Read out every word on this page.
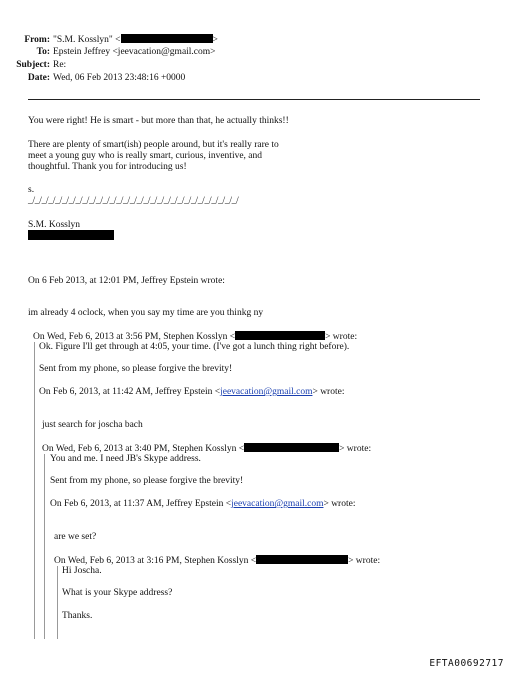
From: "S.M. Kosslyn" <	>
To: Epstein Jeffrey <jeevacation@gmail.com>
Subject: Re:
Date: Wed, 06 Feb 2013 23:48:16 +0000
You were right! He is smart - but more than that, he actually thinks!!
There are plenty of smart(ish) people around, but it's really rare to
meet a young guy who is really smart, curious, inventive, and
thoughtful. Thank you for introducing us!
s.
_/_/_/_/_/_/_/_/_/_/_/_/_/_/_/_/_/_/_/_/_/_/_/_/_/_/_/_/_/_/_/
S.M. Kosslyn
On 6 Feb 2013, at 12:01 PM, Jeffrey Epstein wrote:
im already 4 oclock, when you say my time are you thinkg ny
On Wed, Feb 6, 2013 at 3:56 PM, Stephen Kosslyn <	> wrote:
Ok. Figure I'll get through at 4:05, your time. (I've got a lunch thing right before).
Sent from my phone, so please forgive the brevity!
On Feb 6, 2013, at 11:42 AM, Jeffrey Epstein <jeevacation@gmail.com> wrote:
just search for joscha bach
On Wed, Feb 6, 2013 at 3:40 PM, Stephen Kosslyn <	> wrote:
You and me. I need JB's Skype address.
Sent from my phone, so please forgive the brevity!
On Feb 6, 2013, at 11:37 AM, Jeffrey Epstein <jeevacation@gmail.com> wrote:
are we set?
On Wed, Feb 6, 2013 at 3:16 PM, Stephen Kosslyn <	> wrote:
Hi Joscha.
What is your Skype address?
Thanks.
EFTA00692717
